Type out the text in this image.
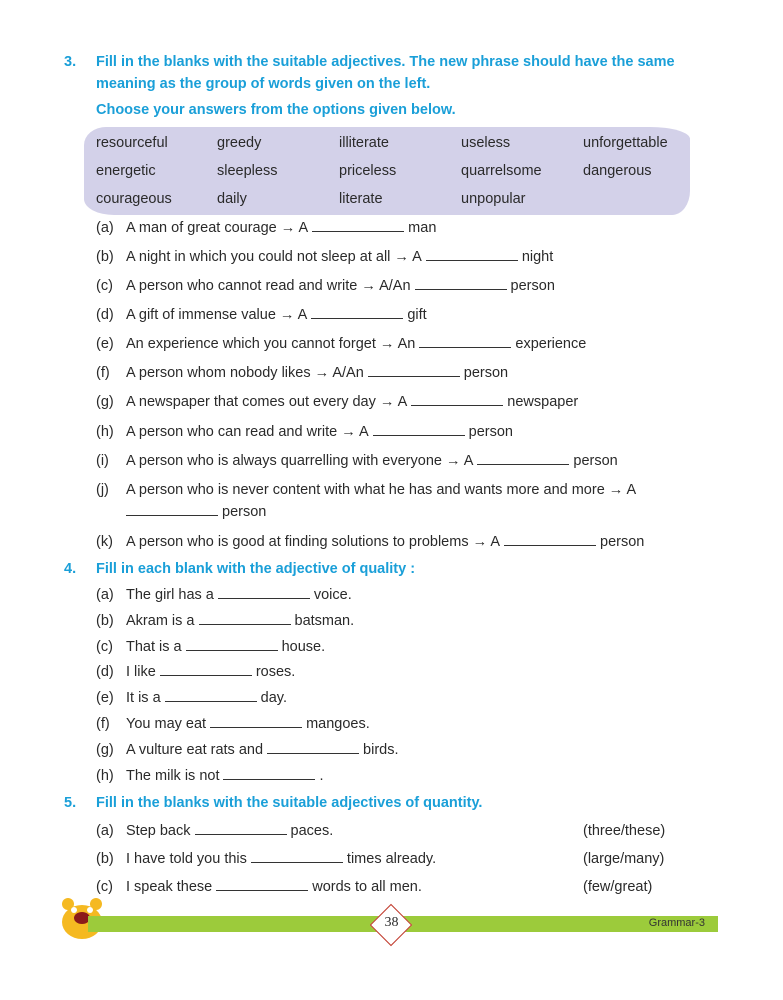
3. Fill in the blanks with the suitable adjectives. The new phrase should have the same
meaning as the group of words given on the left.
Choose your answers from the options given below.
resourceful	greedy	illiterate	useless	unforgettable
energetic	sleepless	priceless	quarrelsome	dangerous
courageous	daily	literate	unpopular
(a) A man of great courage → A	man
(b) A night in which you could not sleep at all → A	night
(c) A person who cannot read and write → A/An	person
(d) A gift of immense value → A	gift
(e) An experience which you cannot forget → An	experience
(f) A person whom nobody likes → A/An	person
(g) A newspaper that comes out every day → A	newspaper
(h) A person who can read and write → A	person
(i) A person who is always quarrelling with everyone → A	person
(j) A person who is never content with what he has and wants more and more → A
person
(k) A person who is good at finding solutions to problems → A	person
4. Fill in each blank with the adjective of quality :
(a) The girl has a	voice.
(b) Akram is a	batsman.
(c) That is a	house.
(d) I like	roses.
(e) It is a	day.
(f) You may eat	mangoes.
(g) A vulture eat rats and	birds.
(h) The milk is not	.
5. Fill in the blanks with the suitable adjectives of quantity.
(a) Step back	paces.	(three/these)
(b) I have told you this	times already.	(large/many)
(c) I speak these	words to all men.	(few/great)
38	Grammar-3
